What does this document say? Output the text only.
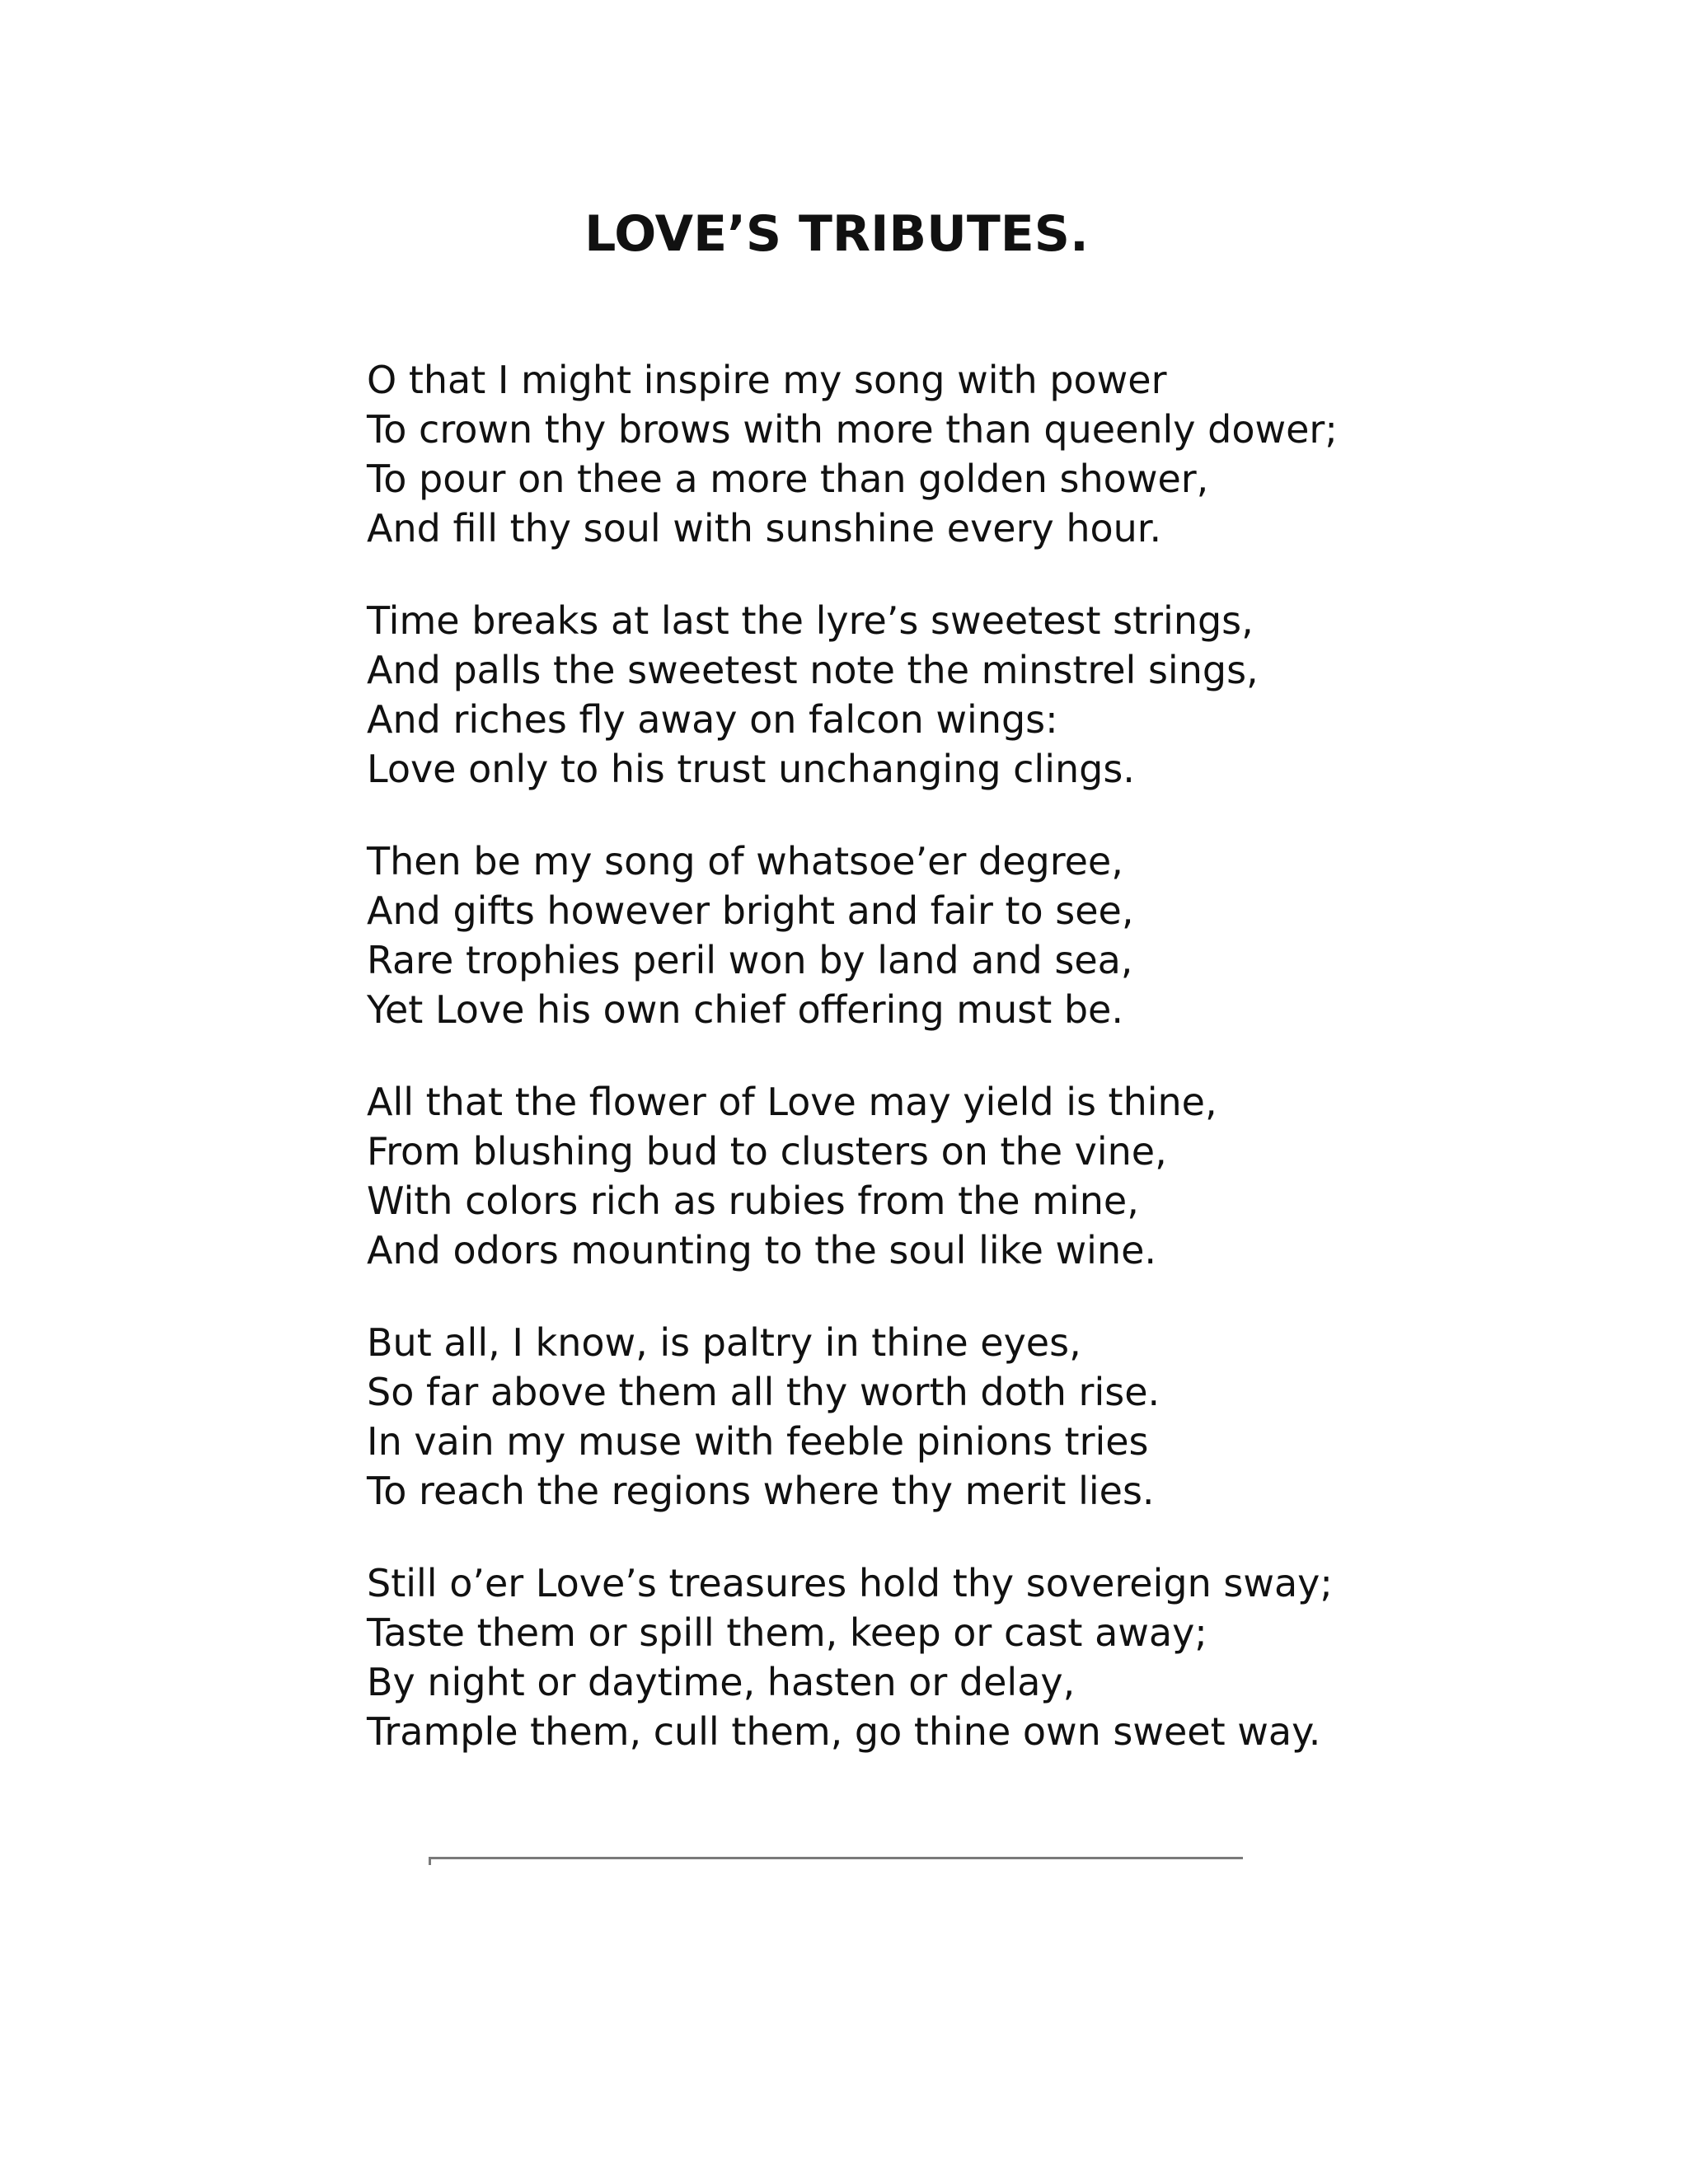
LOVE’S TRIBUTES.

O that I might inspire my song with power
To crown thy brows with more than queenly dower;
To pour on thee a more than golden shower,
And fill thy soul with sunshine every hour.

Time breaks at last the lyre’s sweetest strings,
And palls the sweetest note the minstrel sings,
And riches fly away on falcon wings:
Love only to his trust unchanging clings.

Then be my song of whatsoe’er degree,
And gifts however bright and fair to see,
Rare trophies peril won by land and sea,
Yet Love his own chief offering must be.

All that the flower of Love may yield is thine,
From blushing bud to clusters on the vine,
With colors rich as rubies from the mine,
And odors mounting to the soul like wine.

But all, I know, is paltry in thine eyes,
So far above them all thy worth doth rise.
In vain my muse with feeble pinions tries
To reach the regions where thy merit lies.

Still o’er Love’s treasures hold thy sovereign sway;
Taste them or spill them, keep or cast away;
By night or daytime, hasten or delay,
Trample them, cull them, go thine own sweet way.
